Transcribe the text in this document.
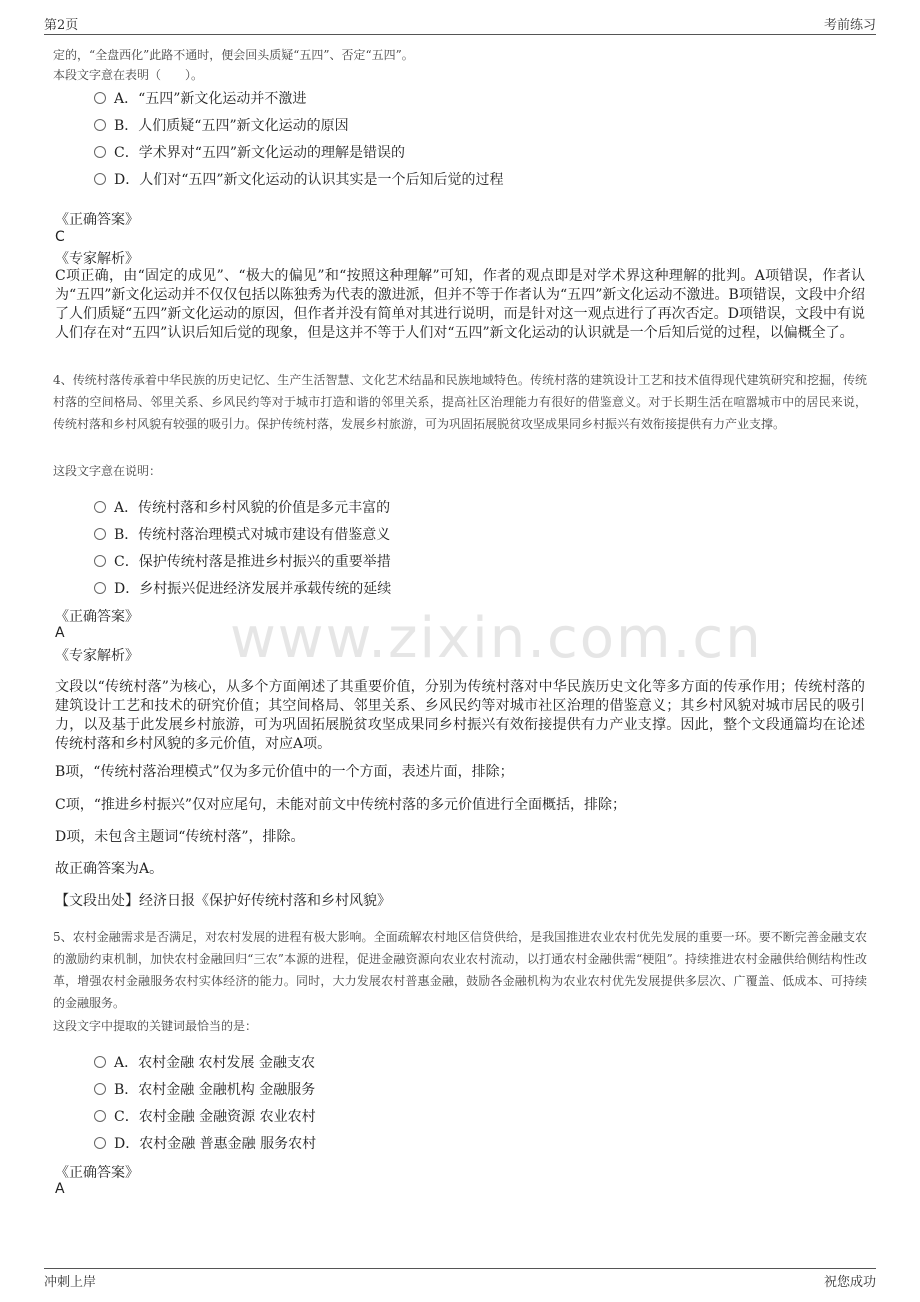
第2页	考前练习
www.zixin.com.cn
定的，“全盘西化”此路不通时，便会回头质疑“五四”、否定“五四”。
本段文字意在表明（　　）。
A．“五四”新文化运动并不激进
B．人们质疑“五四”新文化运动的原因
C．学术界对“五四”新文化运动的理解是错误的
D．人们对“五四”新文化运动的认识其实是一个后知后觉的过程
《正确答案》
C
《专家解析》
C项正确，由“固定的成见”、“极大的偏见”和“按照这种理解”可知，作者的观点即是对学术界这种理解的批判。A项错误，作者认为“五四”新文化运动并不仅仅包括以陈独秀为代表的激进派，但并不等于作者认为“五四”新文化运动不激进。B项错误，文段中介绍了人们质疑“五四”新文化运动的原因，但作者并没有简单对其进行说明，而是针对这一观点进行了再次否定。D项错误，文段中有说人们存在对“五四”认识后知后觉的现象，但是这并不等于人们对“五四”新文化运动的认识就是一个后知后觉的过程，以偏概全了。
4、传统村落传承着中华民族的历史记忆、生产生活智慧、文化艺术结晶和民族地域特色。传统村落的建筑设计工艺和技术值得现代建筑研究和挖掘，传统村落的空间格局、邻里关系、乡风民约等对于城市打造和谐的邻里关系，提高社区治理能力有很好的借鉴意义。对于长期生活在喧嚣城市中的居民来说，传统村落和乡村风貌有较强的吸引力。保护传统村落，发展乡村旅游，可为巩固拓展脱贫攻坚成果同乡村振兴有效衔接提供有力产业支撑。
这段文字意在说明：
A．传统村落和乡村风貌的价值是多元丰富的
B．传统村落治理模式对城市建设有借鉴意义
C．保护传统村落是推进乡村振兴的重要举措
D．乡村振兴促进经济发展并承载传统的延续
《正确答案》
A
《专家解析》
文段以“传统村落”为核心，从多个方面阐述了其重要价值，分别为传统村落对中华民族历史文化等多方面的传承作用；传统村落的建筑设计工艺和技术的研究价值；其空间格局、邻里关系、乡风民约等对城市社区治理的借鉴意义；其乡村风貌对城市居民的吸引力，以及基于此发展乡村旅游，可为巩固拓展脱贫攻坚成果同乡村振兴有效衔接提供有力产业支撑。因此，整个文段通篇均在论述传统村落和乡村风貌的多元价值，对应A项。
B项，“传统村落治理模式”仅为多元价值中的一个方面，表述片面，排除；
C项，“推进乡村振兴”仅对应尾句，未能对前文中传统村落的多元价值进行全面概括，排除；
D项，未包含主题词“传统村落”，排除。
故正确答案为A。
【文段出处】经济日报《保护好传统村落和乡村风貌》
5、农村金融需求是否满足，对农村发展的进程有极大影响。全面疏解农村地区信贷供给，是我国推进农业农村优先发展的重要一环。要不断完善金融支农的激励约束机制，加快农村金融回归“三农”本源的进程，促进金融资源向农业农村流动，以打通农村金融供需“梗阻”。持续推进农村金融供给侧结构性改革，增强农村金融服务农村实体经济的能力。同时，大力发展农村普惠金融，鼓励各金融机构为农业农村优先发展提供多层次、广覆盖、低成本、可持续的金融服务。
这段文字中提取的关键词最恰当的是：
A．农村金融 农村发展 金融支农
B．农村金融 金融机构 金融服务
C．农村金融 金融资源 农业农村
D．农村金融 普惠金融 服务农村
《正确答案》
A
冲刺上岸	祝您成功
